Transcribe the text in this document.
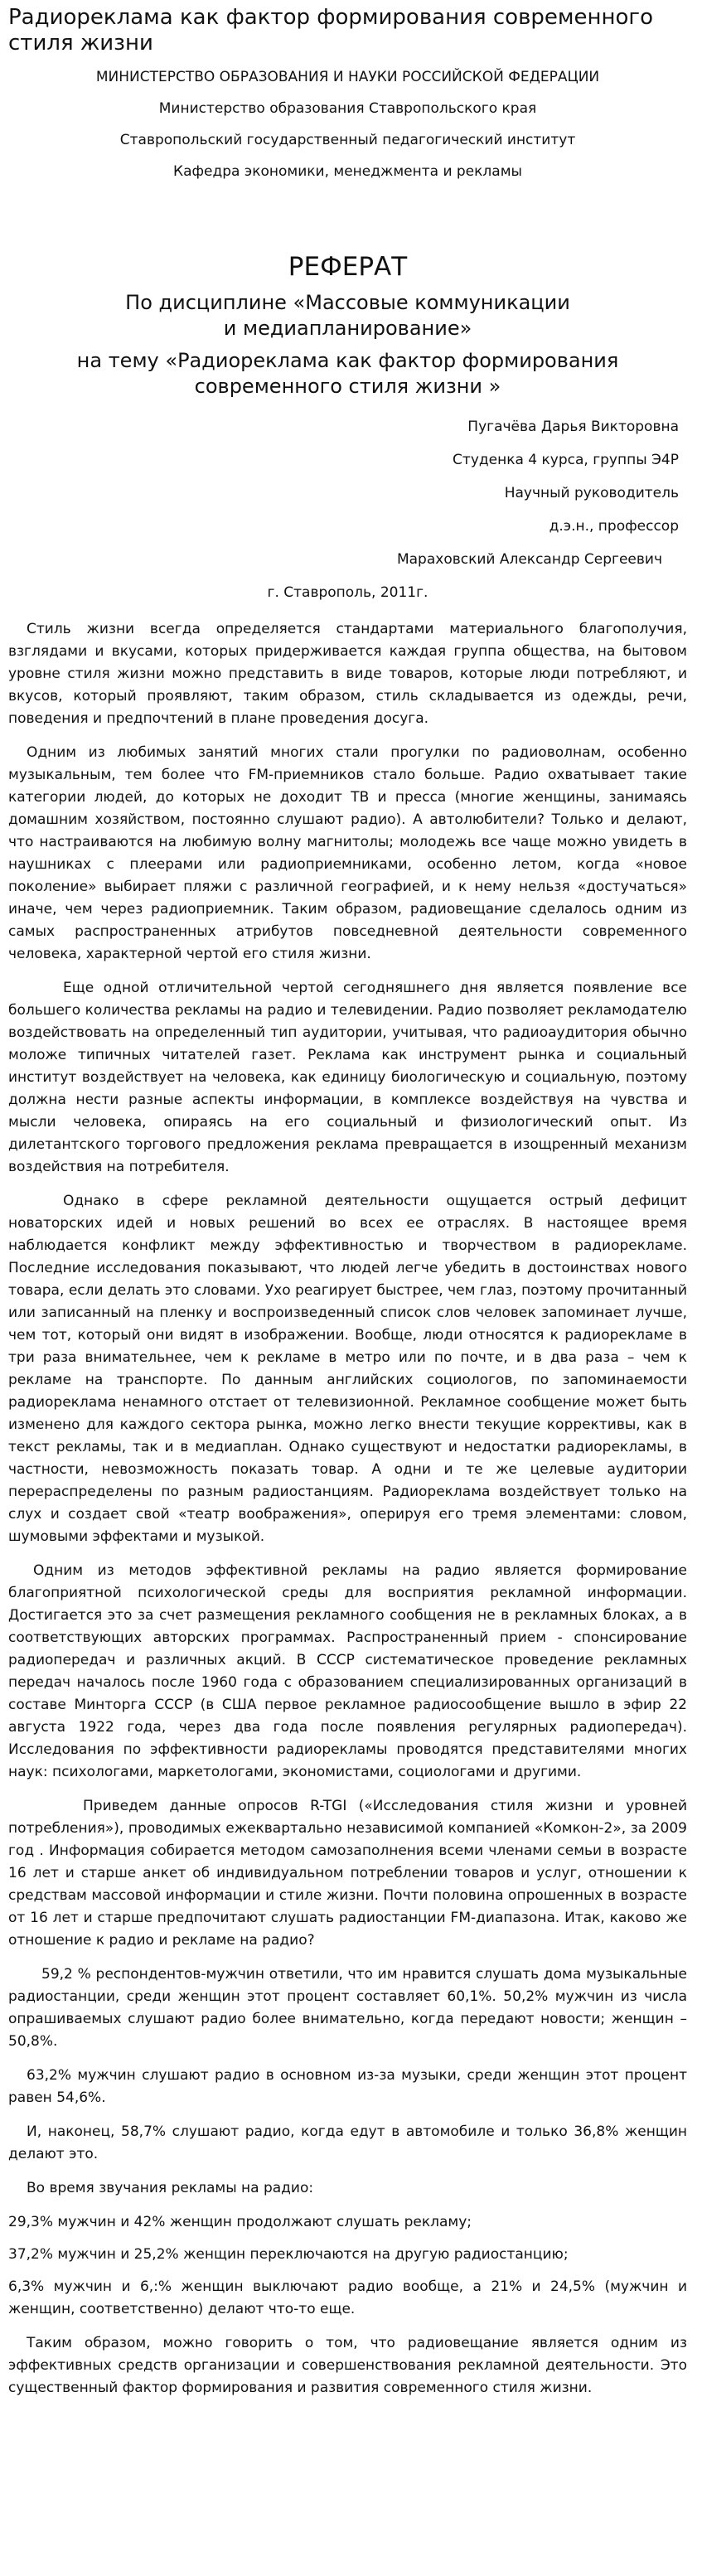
Радиореклама как фактор формирования современного стиля жизни
МИНИСТЕРСТВО ОБРАЗОВАНИЯ И НАУКИ РОССИЙСКОЙ ФЕДЕРАЦИИ
Министерство образования Ставропольского края
Ставропольский государственный педагогический институт
Кафедра экономики, менеджмента и рекламы
РЕФЕРАТ
По дисциплине «Массовые коммуникации
и медиапланирование»
на тему «Радиореклама как фактор формирования
современного стиля жизни »
Пугачёва Дарья Викторовна
Студенка 4 курса, группы Э4Р
Научный руководитель
д.э.н., профессор
Мараховский Александр Сергеевич
г. Ставрополь, 2011г.

Стиль жизни всегда определяется стандартами материального благополучия, взглядами и вкусами, которых придерживается каждая группа общества, на бытовом уровне стиля жизни можно представить в виде товаров, которые люди потребляют, и вкусов, который проявляют, таким образом, стиль складывается из одежды, речи, поведения и предпочтений в плане проведения досуга.

Одним из любимых занятий многих стали прогулки по радиоволнам, особенно музыкальным, тем более что FM-приемников стало больше. Радио охватывает такие категории людей, до которых не доходит ТВ и пресса (многие женщины, занимаясь домашним хозяйством, постоянно слушают радио). А автолюбители? Только и делают, что настраиваются на любимую волну магнитолы; молодежь все чаще можно увидеть в наушниках с плеерами или радиоприемниками, особенно летом, когда «новое поколение» выбирает пляжи с различной географией, и к нему нельзя «достучаться» иначе, чем через радиоприемник. Таким образом, радиовещание сделалось одним из самых распространенных атрибутов повседневной деятельности современного человека, характерной чертой его стиля жизни.

Еще одной отличительной чертой сегодняшнего дня является появление все большего количества рекламы на радио и телевидении. Радио позволяет рекламодателю воздействовать на определенный тип аудитории, учитывая, что радиоаудитория обычно моложе типичных читателей газет. Реклама как инструмент рынка и социальный институт воздействует на человека, как единицу биологическую и социальную, поэтому должна нести разные аспекты информации, в комплексе воздействуя на чувства и мысли человека, опираясь на его социальный и физиологический опыт. Из дилетантского торгового предложения реклама превращается в изощренный механизм воздействия на потребителя.

Однако в сфере рекламной деятельности ощущается острый дефицит новаторских идей и новых решений во всех ее отраслях. В настоящее время наблюдается конфликт между эффективностью и творчеством в радиорекламе. Последние исследования показывают, что людей легче убедить в достоинствах нового товара, если делать это словами. Ухо реагирует быстрее, чем глаз, поэтому прочитанный или записанный на пленку и воспроизведенный список слов человек запоминает лучше, чем тот, который они видят в изображении. Вообще, люди относятся к радиорекламе в три раза внимательнее, чем к рекламе в метро или по почте, и в два раза – чем к рекламе на транспорте. По данным английских социологов, по запоминаемости радиореклама ненамного отстает от телевизионной. Рекламное сообщение может быть изменено для каждого сектора рынка, можно легко внести текущие коррективы, как в текст рекламы, так и в медиаплан. Однако существуют и недостатки радиорекламы, в частности, невозможность показать товар. А одни и те же целевые аудитории перераспределены по разным радиостанциям. Радиореклама воздействует только на слух и создает свой «театр воображения», оперируя его тремя элементами: словом, шумовыми эффектами и музыкой.

Одним из методов эффективной рекламы на радио является формирование благоприятной психологической среды для восприятия рекламной информации. Достигается это за счет размещения рекламного сообщения не в рекламных блоках, а в соответствующих авторских программах. Распространенный прием - спонсирование радиопередач и различных акций. В СССР систематическое проведение рекламных передач началось после 1960 года с образованием специализированных организаций в составе Минторга СССР (в США первое рекламное радиосообщение вышло в эфир 22 августа 1922 года, через два года после появления регулярных радиопередач). Исследования по эффективности радиорекламы проводятся представителями многих наук: психологами, маркетологами, экономистами, социологами и другими.

Приведем данные опросов R-TGI («Исследования стиля жизни и уровней потребления»), проводимых ежеквартально независимой компанией «Комкон-2», за 2009 год . Информация собирается методом самозаполнения всеми членами семьи в возрасте 16 лет и старше анкет об индивидуальном потреблении товаров и услуг, отношении к средствам массовой информации и стиле жизни. Почти половина опрошенных в возрасте от 16 лет и старше предпочитают слушать радиостанции FM-диапазона. Итак, каково же отношение к радио и рекламе на радио?

59,2 % респондентов-мужчин ответили, что им нравится слушать дома музыкальные радиостанции, среди женщин этот процент составляет 60,1%. 50,2% мужчин из числа опрашиваемых слушают радио более внимательно, когда передают новости; женщин – 50,8%.

63,2% мужчин слушают радио в основном из-за музыки, среди женщин этот процент равен 54,6%.

И, наконец, 58,7% слушают радио, когда едут в автомобиле и только 36,8% женщин делают это.

Во время звучания рекламы на радио:

29,3% мужчин и 42% женщин продолжают слушать рекламу;

37,2% мужчин и 25,2% женщин переключаются на другую радиостанцию;

6,3% мужчин и 6,:% женщин выключают радио вообще, а 21% и 24,5% (мужчин и женщин, соответственно) делают что-то еще.

Таким образом, можно говорить о том, что радиовещание является одним из эффективных средств организации и совершенствования рекламной деятельности. Это существенный фактор формирования и развития современного стиля жизни.
